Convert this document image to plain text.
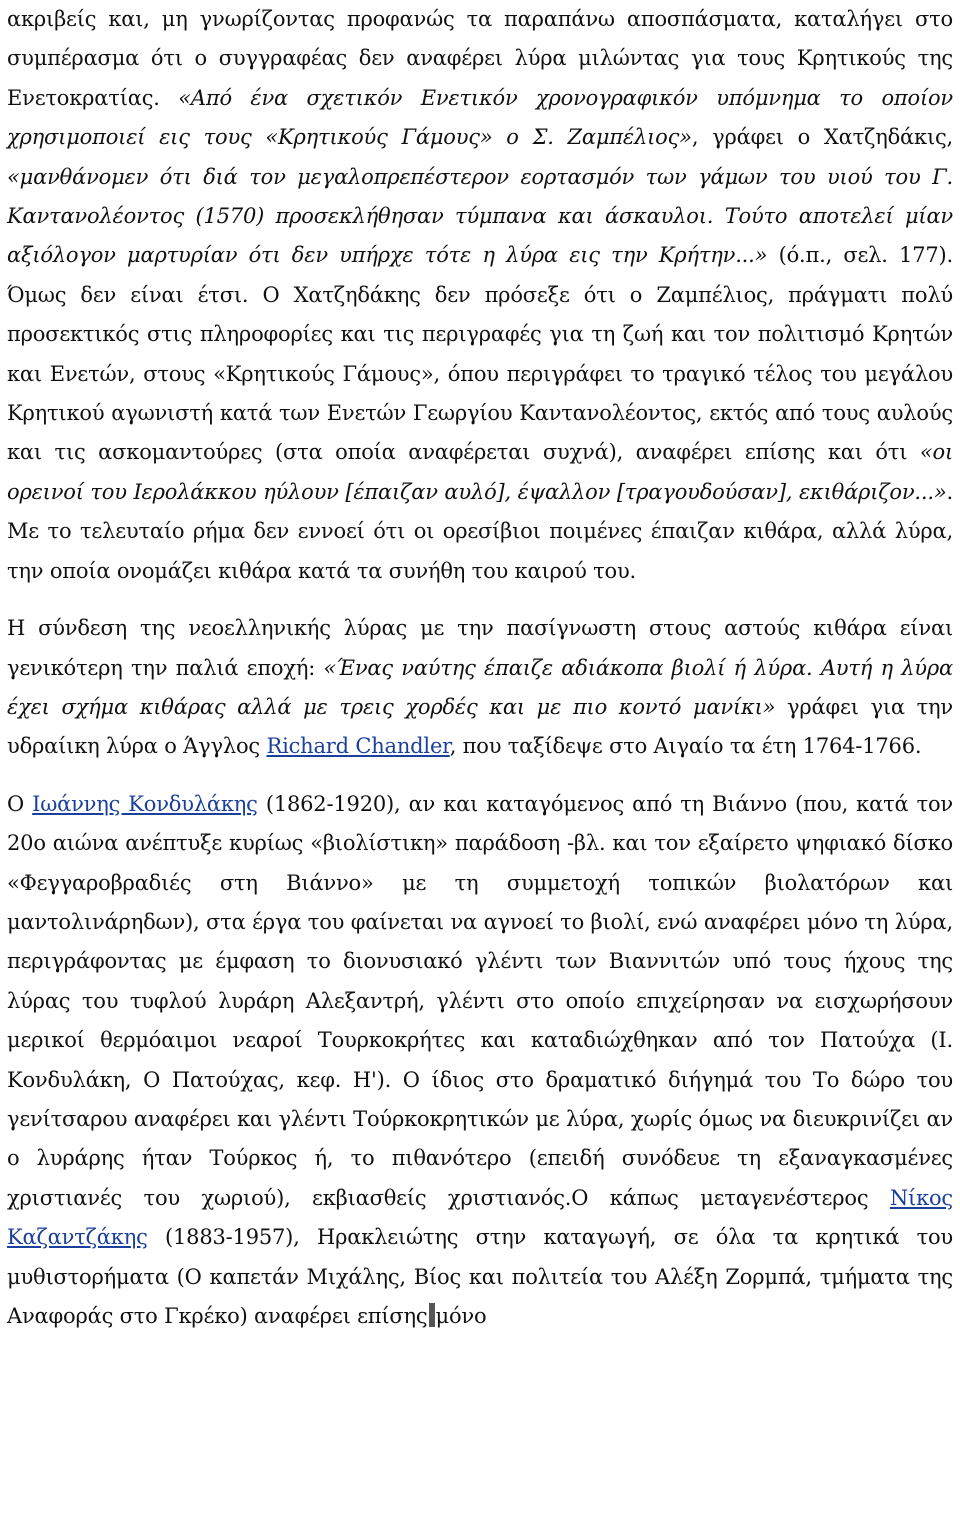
ακριβείς και, μη γνωρίζοντας προφανώς τα παραπάνω αποσπάσματα, καταλήγει στο συμπέρασμα ότι ο συγγραφέας δεν αναφέρει λύρα μιλώντας για τους Κρητικούς της Ενετοκρατίας. «Από ένα σχετικόν Ενετικόν χρονογραφικόν υπόμνημα το οποίον χρησιμοποιεί εις τους «Κρητικούς Γάμους» ο Σ. Ζαμπέλιος», γράφει ο Χατζηδάκις, «μανθάνομεν ότι διά τον μεγαλοπρεπέστερον εορτασμόν των γάμων του υιού του Γ. Καντανολέοντος (1570) προσεκλήθησαν τύμπανα και άσκαυλοι. Τούτο αποτελεί μίαν αξιόλογον μαρτυρίαν ότι δεν υπήρχε τότε η λύρα εις την Κρήτην...» (ό.π., σελ. 177). Όμως δεν είναι έτσι. Ο Χατζηδάκης δεν πρόσεξε ότι ο Ζαμπέλιος, πράγματι πολύ προσεκτικός στις πληροφορίες και τις περιγραφές για τη ζωή και τον πολιτισμό Κρητών και Ενετών, στους «Κρητικούς Γάμους», όπου περιγράφει το τραγικό τέλος του μεγάλου Κρητικού αγωνιστή κατά των Ενετών Γεωργίου Καντανολέοντος, εκτός από τους αυλούς και τις ασκομαντούρες (στα οποία αναφέρεται συχνά), αναφέρει επίσης και ότι «οι ορεινοί του Ιερολάκκου ηύλουν [έπαιζαν αυλό], έψαλλον [τραγουδούσαν], εκιθάριζον...». Με το τελευταίο ρήμα δεν εννοεί ότι οι ορεσίβιοι ποιμένες έπαιζαν κιθάρα, αλλά λύρα, την οποία ονομάζει κιθάρα κατά τα συνήθη του καιρού του.

Η σύνδεση της νεοελληνικής λύρας με την πασίγνωστη στους αστούς κιθάρα είναι γενικότερη την παλιά εποχή: «Ένας ναύτης έπαιζε αδιάκοπα βιολί ή λύρα. Αυτή η λύρα έχει σχήμα κιθάρας αλλά με τρεις χορδές και με πιο κοντό μανίκι» γράφει για την υδραίικη λύρα ο Άγγλος Richard Chandler, που ταξίδεψε στο Αιγαίο τα έτη 1764-1766.

Ο Ιωάννης Κονδυλάκης (1862-1920), αν και καταγόμενος από τη Βιάννο (που, κατά τον 20ο αιώνα ανέπτυξε κυρίως «βιολίστικη» παράδοση -βλ. και τον εξαίρετο ψηφιακό δίσκο «Φεγγαροβραδιές στη Βιάννο» με τη συμμετοχή τοπικών βιολατόρων και μαντολινάρηδων), στα έργα του φαίνεται να αγνοεί το βιολί, ενώ αναφέρει μόνο τη λύρα, περιγράφοντας με έμφαση το διονυσιακό γλέντι των Βιαννιτών υπό τους ήχους της λύρας του τυφλού λυράρη Αλεξαντρή, γλέντι στο οποίο επιχείρησαν να εισχωρήσουν μερικοί θερμόαιμοι νεαροί Τουρκοκρήτες και καταδιώχθηκαν από τον Πατούχα (Ι. Κονδυλάκη, Ο Πατούχας, κεφ. Η'). Ο ίδιος στο δραματικό διήγημά του Το δώρο του γενίτσαρου αναφέρει και γλέντι Τούρκοκρητικών με λύρα, χωρίς όμως να διευκρινίζει αν ο λυράρης ήταν Τούρκος ή, το πιθανότερο (επειδή συνόδευε τη εξαναγκασμένες χριστιανές του χωριού), εκβιασθείς χριστιανός.Ο κάπως μεταγενέστερος Νίκος Καζαντζάκης (1883-1957), Ηρακλειώτης στην καταγωγή, σε όλα τα κρητικά του μυθιστορήματα (Ο καπετάν Μιχάλης, Βίος και πολιτεία του Αλέξη Ζορμπά, τμήματα της Αναφοράς στο Γκρέκο) αναφέρει επίσης μόνο
